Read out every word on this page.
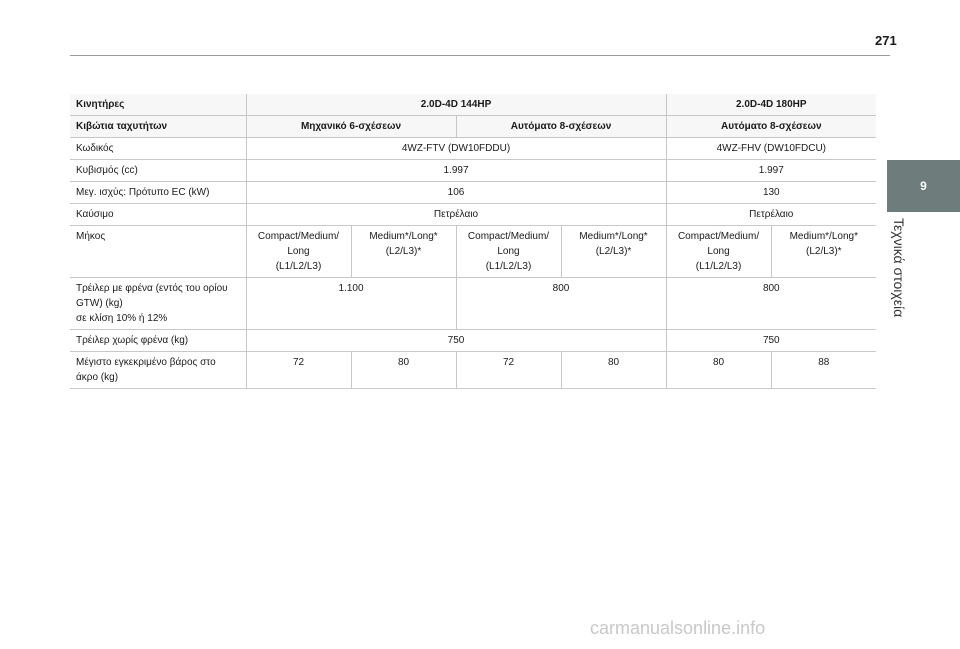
271
9
Τεχνικά στοιχεία
Κινητήρες	2.0D-4D 144HP				2.0D-4D 180HP	
Κιβώτια ταχυτήτων	Μηχανικό 6-σχέσεων		Αυτόματο 8-σχέσεων		Αυτόματο 8-σχέσεων	
Κωδικός	4WZ-FTV (DW10FDDU)				4WZ-FHV (DW10FDCU)	
Κυβισμός (cc)	1.997				1.997	
Μεγ. ισχύς: Πρότυπο EC (kW)	106				130	
Καύσιμο	Πετρέλαιο				Πετρέλαιο	
Μήκος	Compact/Medium/
Long
(L1/L2/L3)	Medium*/Long*
(L2/L3)*	Compact/Medium/
Long
(L1/L2/L3)	Medium*/Long*
(L2/L3)*	Compact/Medium/
Long
(L1/L2/L3)	Medium*/Long*
(L2/L3)*
Τρέιλερ με φρένα (εντός του ορίου
GTW) (kg)
σε κλίση 10% ή 12%	1.100		800		800	
Τρέιλερ χωρίς φρένα (kg)	750				750	
Μέγιστο εγκεκριμένο βάρος στο
άκρο (kg)	72	80	72	80	80	88
carmanualsonline.info
